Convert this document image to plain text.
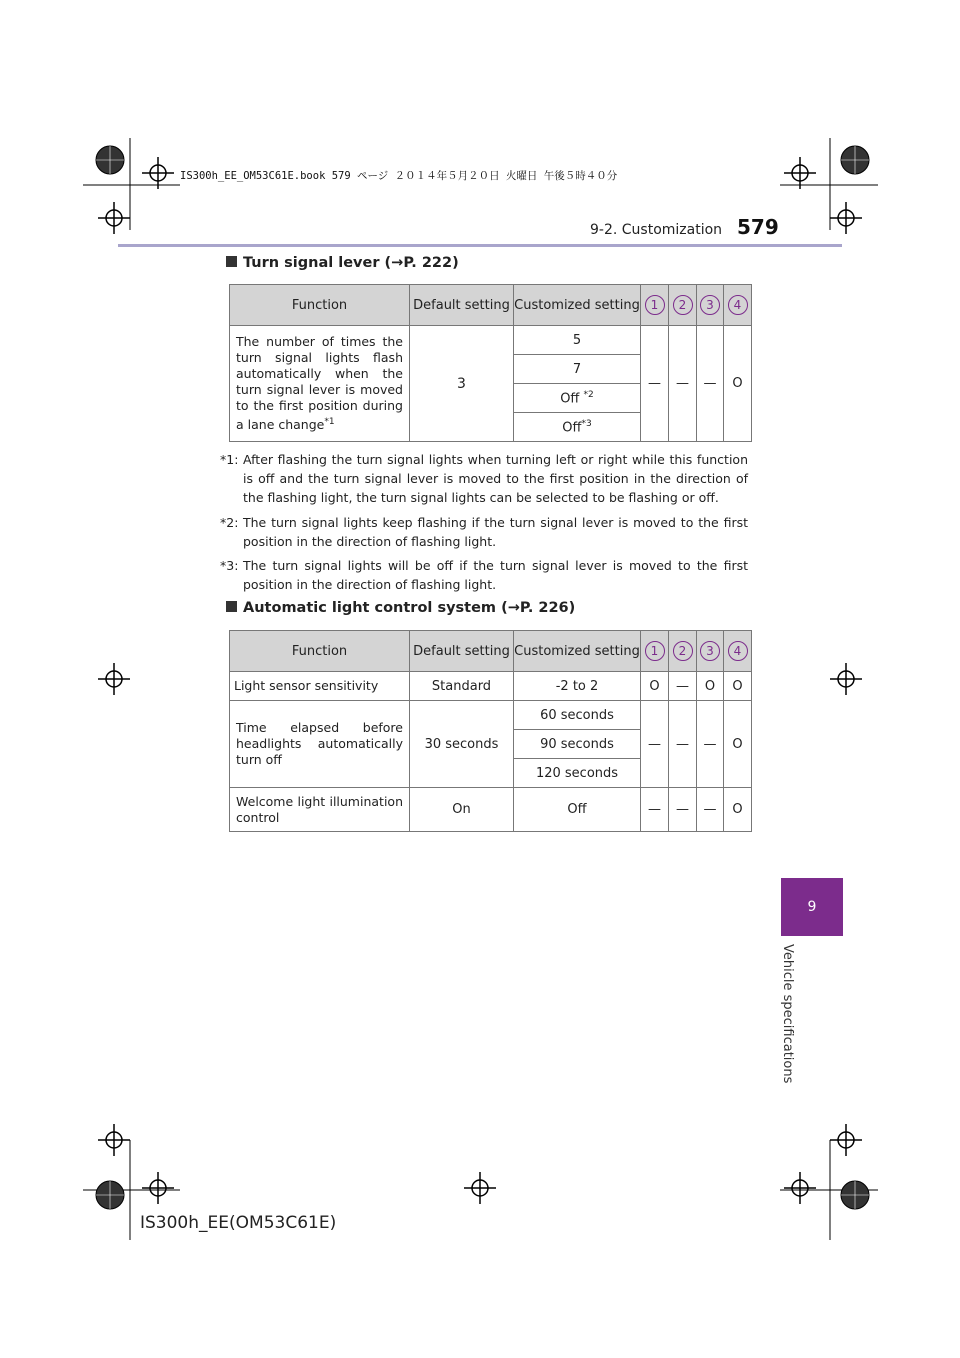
IS300h_EE_OM53C61E.book 579 ページ ２０１４年５月２０日 火曜日 午後５時４０分
9-2. Customization 579
9
Vehicle specifications
Turn signal lever (→P. 222)
Function	Default setting	Customized setting	1	2	3	4
The number of times the turn signal lights flash automatically when the turn signal lever is moved to the first position during a lane change$^{*1}$	3	5	—	—	—	O
		7				
		Off $^{*2}$
		Off$^{*3}$
*1: After flashing the turn signal lights when turning left or right while this function is off and the turn signal lever is moved to the first position in the direction of the flashing light, the turn signal lights can be selected to be flashing or off.
*2: The turn signal lights keep flashing if the turn signal lever is moved to the first position in the direction of flashing light.
*3: The turn signal lights will be off if the turn signal lever is moved to the first position in the direction of flashing light.
Automatic light control system (→P. 226)
Function	Default setting	Customized setting	1	2	3	4
Light sensor sensitivity	Standard	-2 to 2	O	—	O	O
Time elapsed before headlights automatically turn off	30 seconds	60 seconds	—	—	—	O
		90 seconds				
		120 seconds				
Welcome light illumination control	On	Off	—	—	—	O
IS300h_EE(OM53C61E)
